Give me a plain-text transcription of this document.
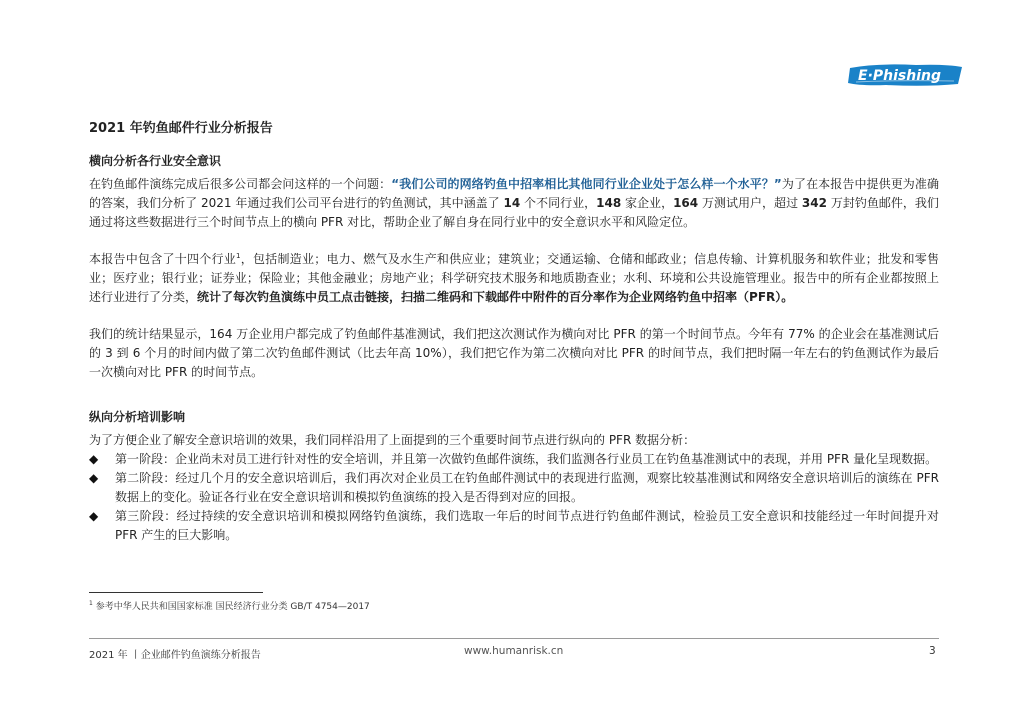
E·Phishing
2021 年钓鱼邮件行业分析报告
横向分析各行业安全意识

在钓鱼邮件演练完成后很多公司都会问这样的一个问题：“我们公司的网络钓鱼中招率相比其他同行业企业处于怎么样一个水平？”为了在本报告中提供更为准确的答案，我们分析了 2021 年通过我们公司平台进行的钓鱼测试，其中涵盖了 14 个不同行业，148 家企业，164 万测试用户，超过 342 万封钓鱼邮件，我们通过将这些数据进行三个时间节点上的横向 PFR 对比，帮助企业了解自身在同行业中的安全意识水平和风险定位。

本报告中包含了十四个行业$^1$，包括制造业；电力、燃气及水生产和供应业；建筑业；交通运输、仓储和邮政业；信息传输、计算机服务和软件业；批发和零售业；医疗业；银行业；证券业；保险业；其他金融业；房地产业；科学研究技术服务和地质勘查业；水利、环境和公共设施管理业。报告中的所有企业都按照上述行业进行了分类，统计了每次钓鱼演练中员工点击链接，扫描二维码和下载邮件中附件的百分率作为企业网络钓鱼中招率（PFR）。

我们的统计结果显示，164 万企业用户都完成了钓鱼邮件基准测试，我们把这次测试作为横向对比 PFR 的第一个时间节点。今年有 77% 的企业会在基准测试后的 3 到 6 个月的时间内做了第二次钓鱼邮件测试（比去年高 10%），我们把它作为第二次横向对比 PFR 的时间节点，我们把时隔一年左右的钓鱼测试作为最后一次横向对比 PFR 的时间节点。

纵向分析培训影响

为了方便企业了解安全意识培训的效果，我们同样沿用了上面提到的三个重要时间节点进行纵向的 PFR 数据分析：

◆ 第一阶段：企业尚未对员工进行针对性的安全培训，并且第一次做钓鱼邮件演练，我们监测各行业员工在钓鱼基准测试中的表现，并用 PFR 量化呈现数据。
◆ 第二阶段：经过几个月的安全意识培训后，我们再次对企业员工在钓鱼邮件测试中的表现进行监测，观察比较基准测试和网络安全意识培训后的演练在 PFR 数据上的变化。验证各行业在安全意识培训和模拟钓鱼演练的投入是否得到对应的回报。
◆ 第三阶段：经过持续的安全意识培训和模拟网络钓鱼演练，我们选取一年后的时间节点进行钓鱼邮件测试，检验员工安全意识和技能经过一年时间提升对 PFR 产生的巨大影响。
$^1$ 参考中华人民共和国国家标准 国民经济行业分类 GB/T 4754—2017
2021 年 丨企业邮件钓鱼演练分析报告	www.humanrisk.cn	3
